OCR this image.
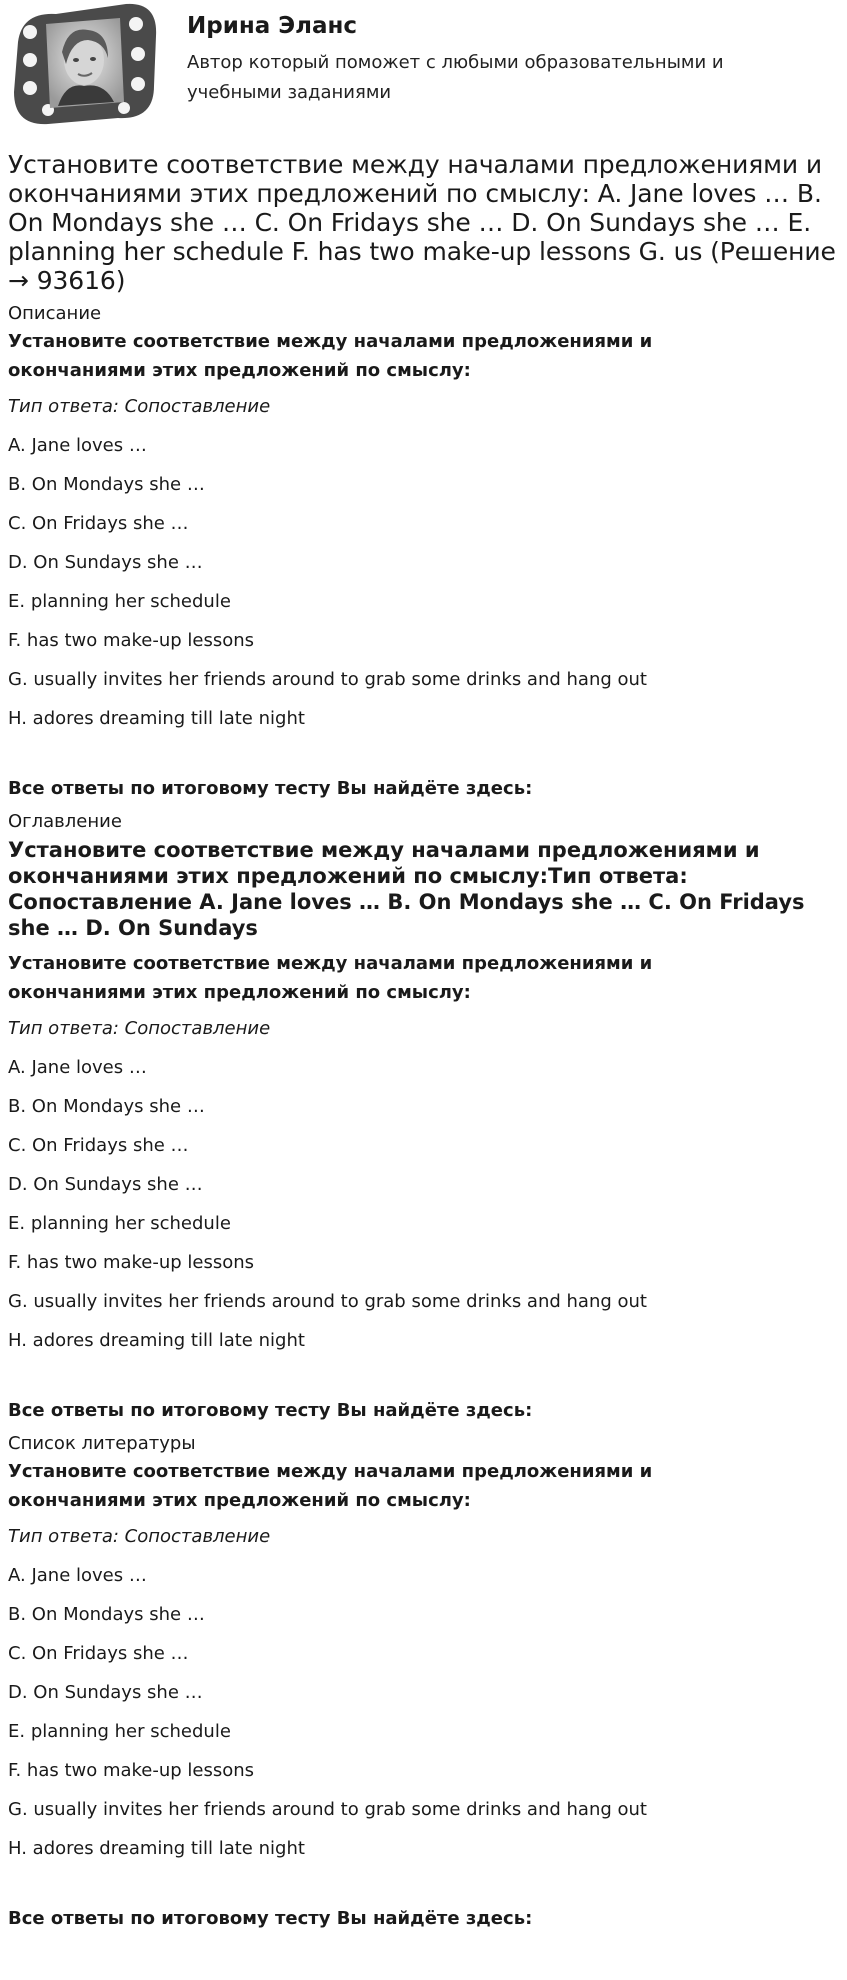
Ирина Эланс
Автор который поможет с любыми образовательными и
учебными заданиями
Установите соответствие между началами предложениями и окончаниями этих предложений по смыслу: A. Jane loves … B. On Mondays she … C. On Fridays she … D. On Sundays she … E. planning her schedule F. has two make-up lessons G. us (Решение → 93616)
Описание
Установите соответствие между началами предложениями и
окончаниями этих предложений по смыслу:
Тип ответа: Сопоставление
A. Jane loves …
B. On Mondays she …
C. On Fridays she …
D. On Sundays she …
E. planning her schedule
F. has two make-up lessons
G. usually invites her friends around to grab some drinks and hang out
H. adores dreaming till late night
Все ответы по итоговому тесту Вы найдёте здесь:
Оглавление
Установите соответствие между началами предложениями и окончаниями этих предложений по смыслу:Тип ответа: Сопоставление A. Jane loves … B. On Mondays she … C. On Fridays she … D. On Sundays
Установите соответствие между началами предложениями и
окончаниями этих предложений по смыслу:
Тип ответа: Сопоставление
A. Jane loves …
B. On Mondays she …
C. On Fridays she …
D. On Sundays she …
E. planning her schedule
F. has two make-up lessons
G. usually invites her friends around to grab some drinks and hang out
H. adores dreaming till late night
Все ответы по итоговому тесту Вы найдёте здесь:
Список литературы
Установите соответствие между началами предложениями и
окончаниями этих предложений по смыслу:
Тип ответа: Сопоставление
A. Jane loves …
B. On Mondays she …
C. On Fridays she …
D. On Sundays she …
E. planning her schedule
F. has two make-up lessons
G. usually invites her friends around to grab some drinks and hang out
H. adores dreaming till late night
Все ответы по итоговому тесту Вы найдёте здесь:
